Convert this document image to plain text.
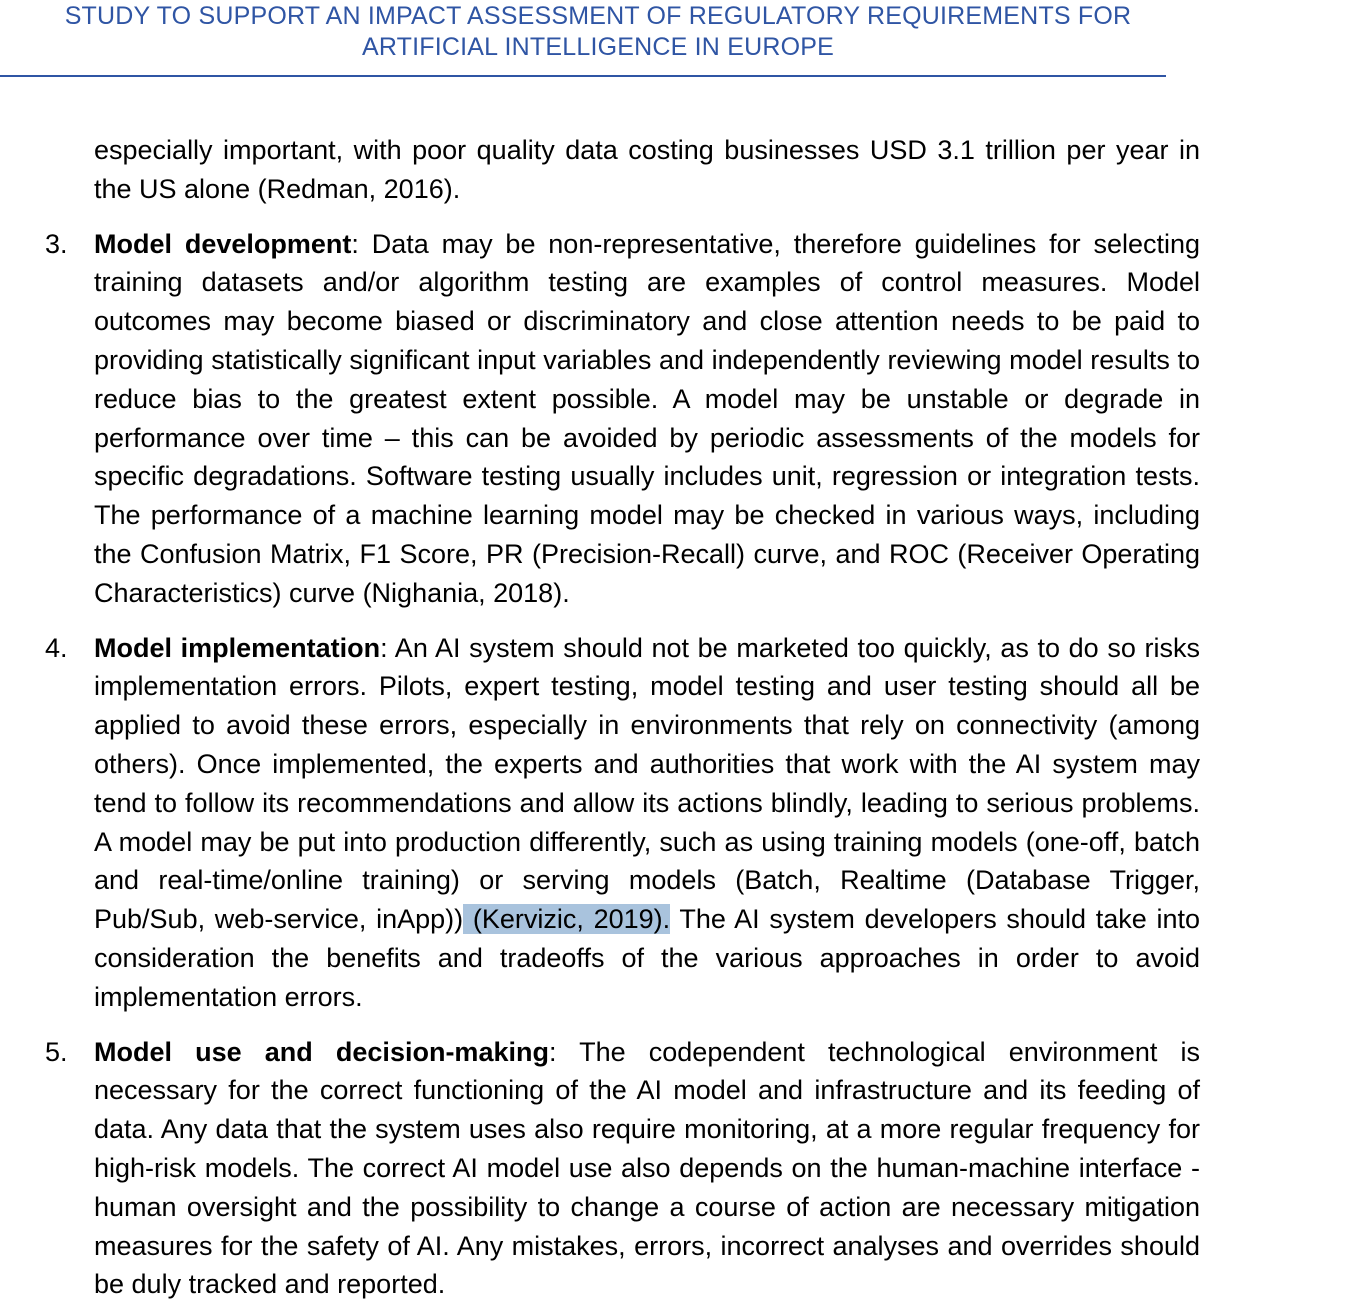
STUDY TO SUPPORT AN IMPACT ASSESSMENT OF REGULATORY REQUIREMENTS FOR
ARTIFICIAL INTELLIGENCE IN EUROPE

especially important, with poor quality data costing businesses USD 3.1 trillion per year in the US alone (Redman, 2016).

3. Model development: Data may be non-representative, therefore guidelines for selecting training datasets and/or algorithm testing are examples of control measures. Model outcomes may become biased or discriminatory and close attention needs to be paid to providing statistically significant input variables and independently reviewing model results to reduce bias to the greatest extent possible. A model may be unstable or degrade in performance over time – this can be avoided by periodic assessments of the models for specific degradations. Software testing usually includes unit, regression or integration tests. The performance of a machine learning model may be checked in various ways, including the Confusion Matrix, F1 Score, PR (Precision-Recall) curve, and ROC (Receiver Operating Characteristics) curve (Nighania, 2018).
4. Model implementation: An AI system should not be marketed too quickly, as to do so risks implementation errors. Pilots, expert testing, model testing and user testing should all be applied to avoid these errors, especially in environments that rely on connectivity (among others). Once implemented, the experts and authorities that work with the AI system may tend to follow its recommendations and allow its actions blindly, leading to serious problems. A model may be put into production differently, such as using training models (one-off, batch and real-time/online training) or serving models (Batch, Realtime (Database Trigger, Pub/Sub, web-service, inApp)) (Kervizic, 2019). The AI system developers should take into consideration the benefits and tradeoffs of the various approaches in order to avoid implementation errors.
5. Model use and decision-making: The codependent technological environment is necessary for the correct functioning of the AI model and infrastructure and its feeding of data. Any data that the system uses also require monitoring, at a more regular frequency for high-risk models. The correct AI model use also depends on the human-machine interface - human oversight and the possibility to change a course of action are necessary mitigation measures for the safety of AI. Any mistakes, errors, incorrect analyses and overrides should be duly tracked and reported.
